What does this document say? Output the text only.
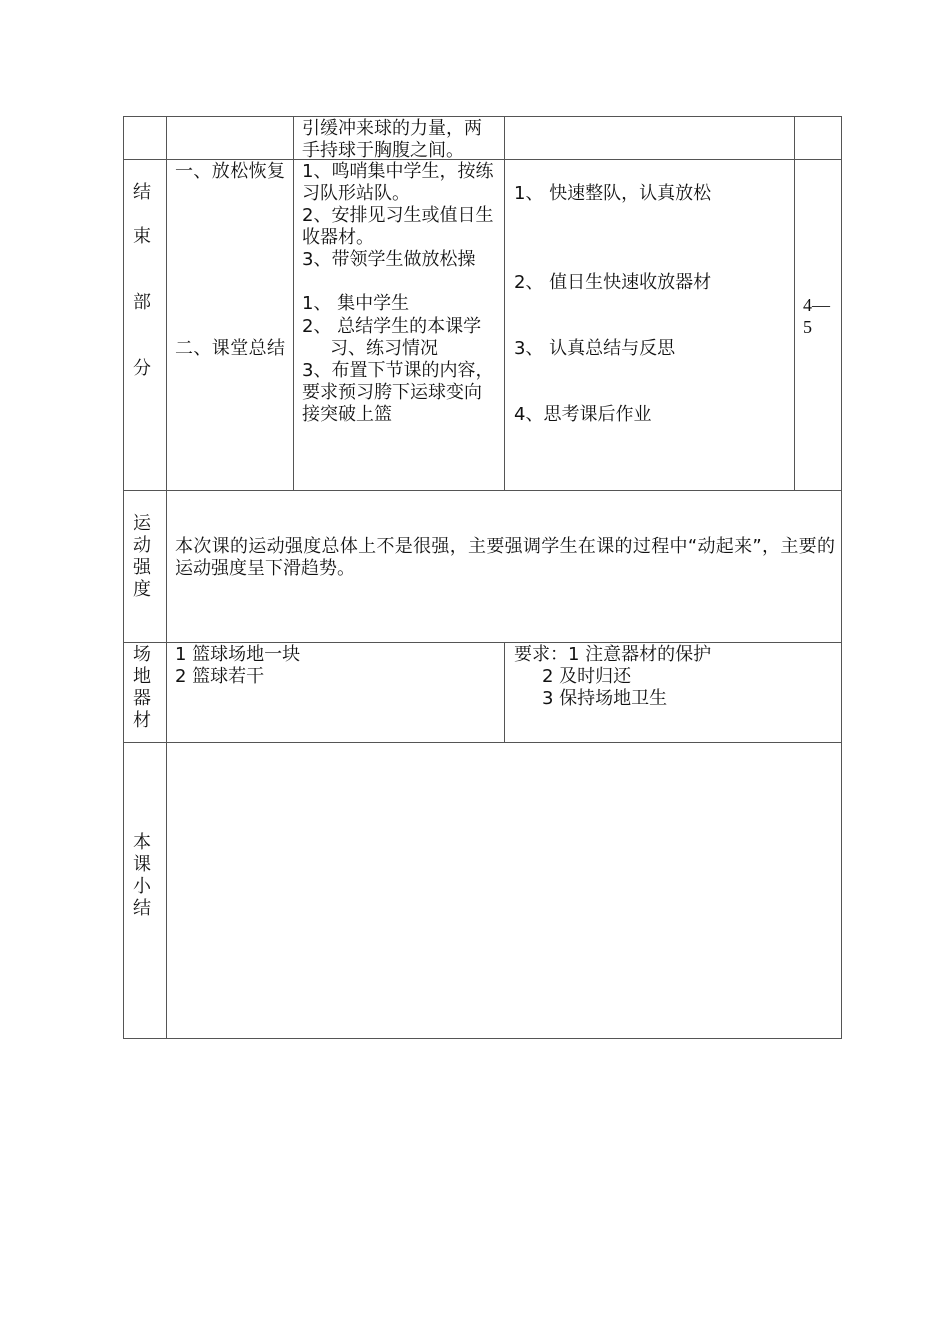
引缓冲来球的力量，两手持球于胸腹之间。
结
束
部
分
一、放松恢复
二、课堂总结
1、鸣哨集中学生，按练习队形站队。
2、安排见习生或值日生收器材。
3、带领学生做放松操
1、 集中学生
2、 总结学生的本课学
习、练习情况
3、布置下节课的内容，要求预习胯下运球变向接突破上篮
1、 快速整队，认真放松
2、 值日生快速收放器材
3、 认真总结与反思
4、思考课后作业
4—
5
运
动
强
度
本次课的运动强度总体上不是很强，主要强调学生在课的过程中“动起来”，主要的运动强度呈下滑趋势。
场
地
器
材
1 篮球场地一块
2 篮球若干
要求：1 注意器材的保护
2 及时归还
3 保持场地卫生
本
课
小
结
